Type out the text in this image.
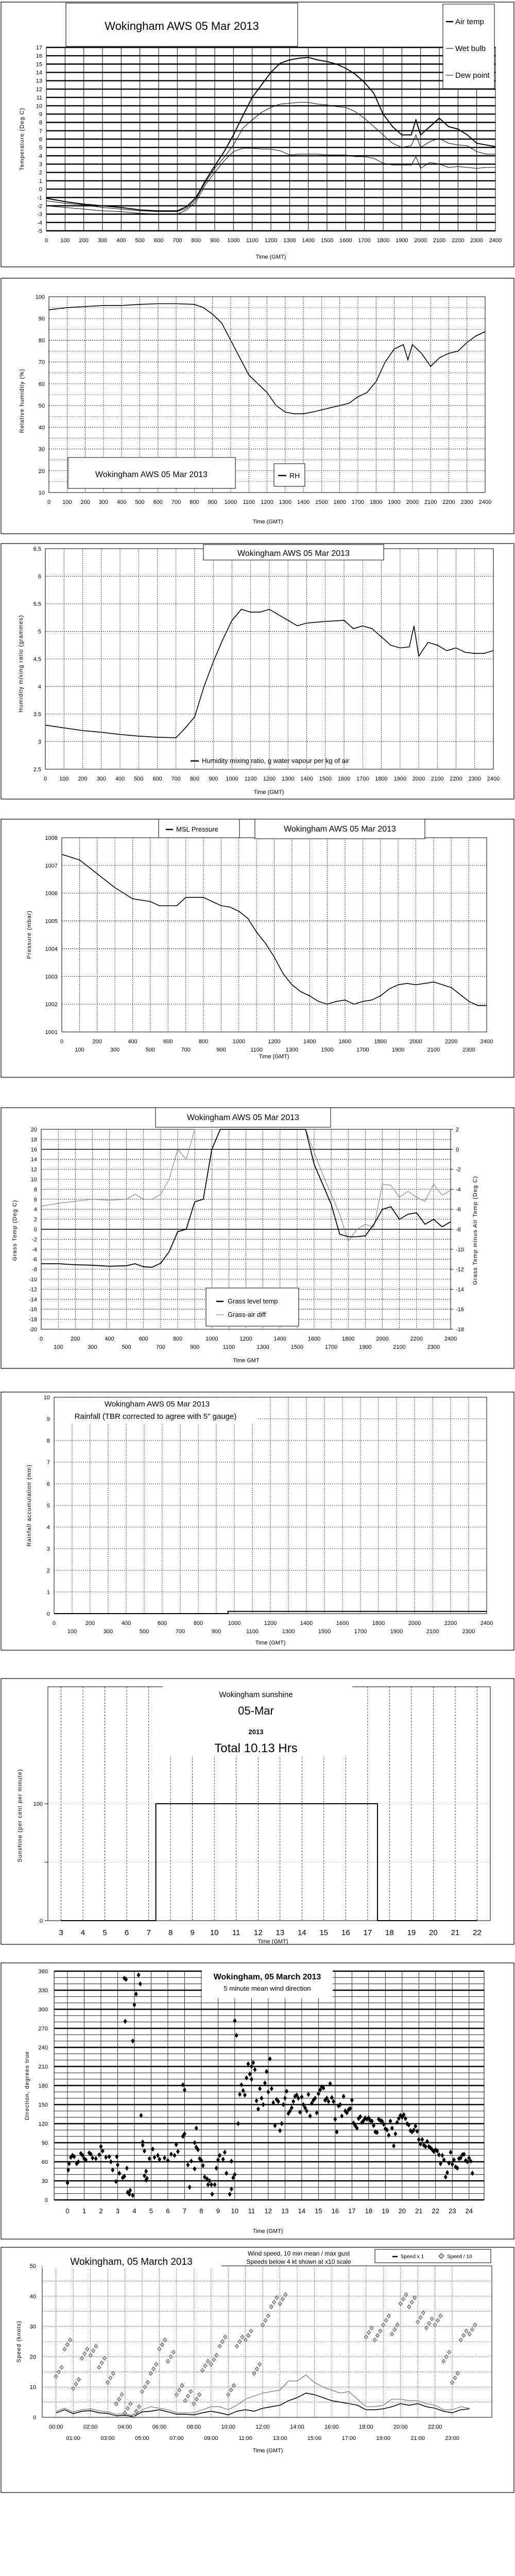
0 100 200 300 400 500 600 700 800 900 1000 1100 1200 1300 1400 1500 1600 1700 1800 1900 2000 2100 2200 2300 2400
-5
-4
-3
-2
-1
0
1
2
3
4
5
6
7
8
9
10
11
12
13
14
15
16
17
Wokingham AWS 05 Mar 2013	Air temp
Wet bulb
Dew point
Time (GMT)
Temperature (Deg C)
0 100 200 300 400 500 600 700 800 900 1000 1100 1200 1300 1400 1500 1600 1700 1800 1900 2000 2100 2200 2300 2400
10
20
30
40
50
60
70
80
90
100
Wokingham AWS 05 Mar 2013	RH
Time (GMT)
Relative humidity (%)
0 100 200 300 400 500 600 700 800 900 1000 1100 1200 1300 1400 1500 1600 1700 1800 1900 2000 2100 2200 2300 2400
2.5
3
3.5
4
4.5
5
5.5
6
6.5	Wokingham AWS 05 Mar 2013
Humidity mixing ratio, g water vapour per kg of air
Time (GMT)
Humidity mixing ratio (grammes)
0
100
200
300
400
500
600
700
800
900
1000
1100
1200
1300
1400
1500
1600
1700
1800
1900
2000
2100
2200
2300
2400
1001
1002
1003
1004
1005
1006
1007
1008
MSL Pressure	Wokingham AWS 05 Mar 2013
Time (GMT)
Pressure (mbar)
0
100
200
300
400
500
600
700
800
900
1000
1100
1200
1300
1400
1500
1600
1700
1800
1900
2000
2100
2200
2300
2400
-20
-18
-16
-14
-12
-10
-8
-6
-4
-2
0
2
4
6
8
10
12
14
16
18
20
-18
-16
-14
-12
-10
-8
-6
-4
-2
0
2
Wokingham AWS 05 Mar 2013
Grass level temp
Grass-air diff
Time GMT
Grass Temp (Deg C)	Grass Temp minus Air Temp (Deg C)
0
100
200
300
400
500
600
700
800
900
1000
1100
1200
1300
1400
1500
1600
1700
1800
1900
2000
2100
2200
2300
2400
0
1
2
3
4
5
6
7
8
9
10
Wokingham AWS 05 Mar 2013
Rainfall (TBR corrected to agree with 5" gauge)
Time (GMT)
Rainfall accumulation (mm)
3 4 5 6 7 8 9 10 11 12 13 14 15 16 17 18 19 20 21 22
0
100
Wokingham sunshine
05-Mar
2013
Total 10.13 Hrs
Time (GMT)
Sunshine (per cent per minute)
0 1 2 3 4 5 6 7 8 9 10 11 12 13 14 15 16 17 18 19 20 21 22 23 24
0
30
60
90
120
150
180
210
240
270
300
330
360
Wokingham, 05 March 2013
5 minute mean wind direction
Time (GMT)
Direction, degrees true
00:00
01:00
02:00
03:00
04:00
05:00
06:00
07:00
08:00
09:00
10:00
11:00
12:00
13:00
14:00
15:00
16:00
17:00
18:00
19:00
20:00
21:00
22:00
23:00
0
10
20
30
40
50	Wokingham, 05 March 2013
Wind speed, 10 min mean / max gust
Speeds below 4 kt shown at x10 scale
Speed x 1	Speed / 10
Time (GMT)
Speed (knots)
